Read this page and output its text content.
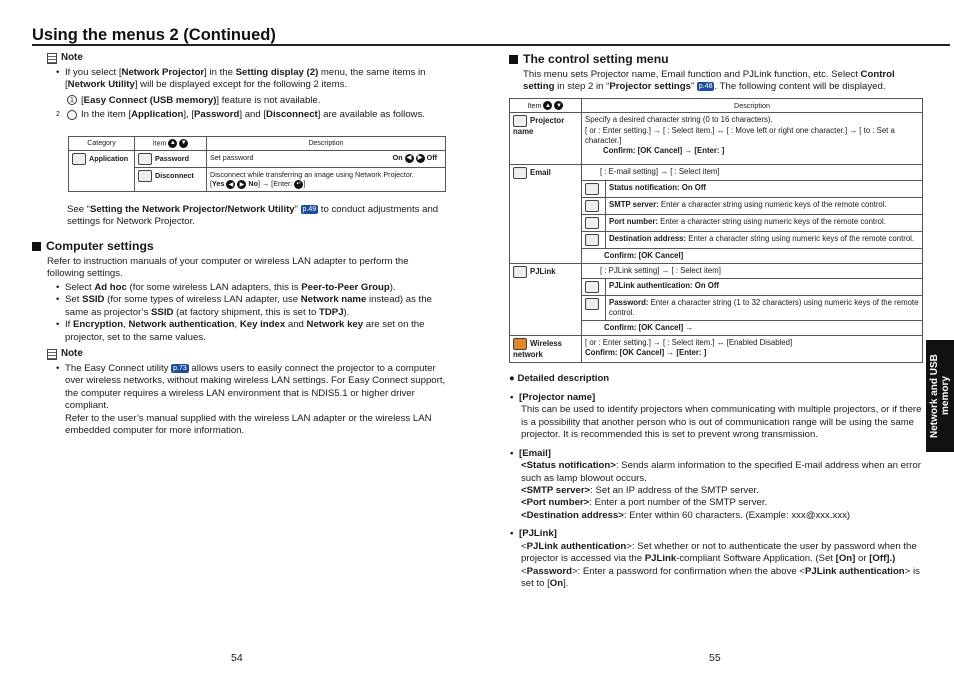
Using the menus 2 (Continued)
Note
• If you select [Network Projector] in the Setting display (2) menu, the same items in [Network Utility] will be displayed except for the following 2 items.
1 [Easy Connect (USB memory)] feature is not available.
2 In the item [Application], [Password] and [Disconnect] are available as follows.
Category	Item ▲ ▼	Description
Application	Password	Set password On ◀ ▶ Off

	Disconnect	Disconnect while transferring an image using Network Projector.
[Yes ◀ ▶ No] → [Enter: ↵ ]
See “Setting the Network Projector/Network Utility” p.49 to conduct adjustments and settings for Network Projector.
Computer settings
Refer to instruction manuals of your computer or wireless LAN adapter to perform the following settings.
• Select Ad hoc (for some wireless LAN adapters, this is Peer-to-Peer Group).
• Set SSID (for some types of wireless LAN adapter, use Network name instead) as the same as projector’s SSID (at factory shipment, this is set to TDPJ).
• If Encryption, Network authentication, Key index and Network key are set on the projector, set to the same values.
Note
• The Easy Connect utility p.73 allows users to easily connect the projector to a computer over wireless networks, without making wireless LAN settings. For Easy Connect support, the computer requires a wireless LAN environment that is NDIS5.1 or higher driver compliant.
Refer to the user’s manual supplied with the wireless LAN adapter or the wireless LAN embedded computer for more information.
54
The control setting menu
This menu sets Projector name, Email function and PJLink function, etc. Select Control setting in step 2 in “Projector settings” p.48 . The following content will be displayed.
Item ▲ ▼	Description	
Projector name	Specify a desired character string (0 to 16 characters).
[ or : Enter setting.] → [ : Select item.] ↔ [ : Move left or right one character.] → [ to : Set a character.]
Confirm: [OK Cancel] → [Enter: ]	

Email	[ : E-mail setting] → [ : Select item]	
		Status notification: On Off
		SMTP server: Enter a character string using numeric keys of the remote control.
		Port number: Enter a character string using numeric keys of the remote control.
		Destination address: Enter a character string using numeric keys of the remote control.
	Confirm: [OK Cancel]	
PJLink	[ : PJLink setting] → [ : Select item]	
		PJLink authentication: On Off
		Password: Enter a character string (1 to 32 characters) using numeric keys of the remote control.
	Confirm: [OK Cancel] →	
Wireless network	[ or : Enter setting.] → [ : Select item.] ↔ [Enabled Disabled]
Confirm: [OK Cancel] → [Enter: ]	
● Detailed description
• [Projector name]
This can be used to identify projectors when communicating with multiple projectors, or if there is a possibility that another person who is out of communication range will be using the same projector. It is recommended this is set to prevent wrong transmission.
• [Email]
<Status notification>: Sends alarm information to the specified E-mail address when an error such as lamp blowout occurs.
<SMTP server>: Set an IP address of the SMTP server.
<Port number>: Enter a port number of the SMTP server.
<Destination address>: Enter within 60 characters. (Example: xxx@xxx.xxx)
• [PJLink]
<PJLink authentication>: Set whether or not to authenticate the user by password when the projector is accessed via the PJLink-compliant Software Application. (Set [On] or [Off].)
<Password>: Enter a password for confirmation when the above <PJLink authentication> is set to [On].
55
Network and USB memory
